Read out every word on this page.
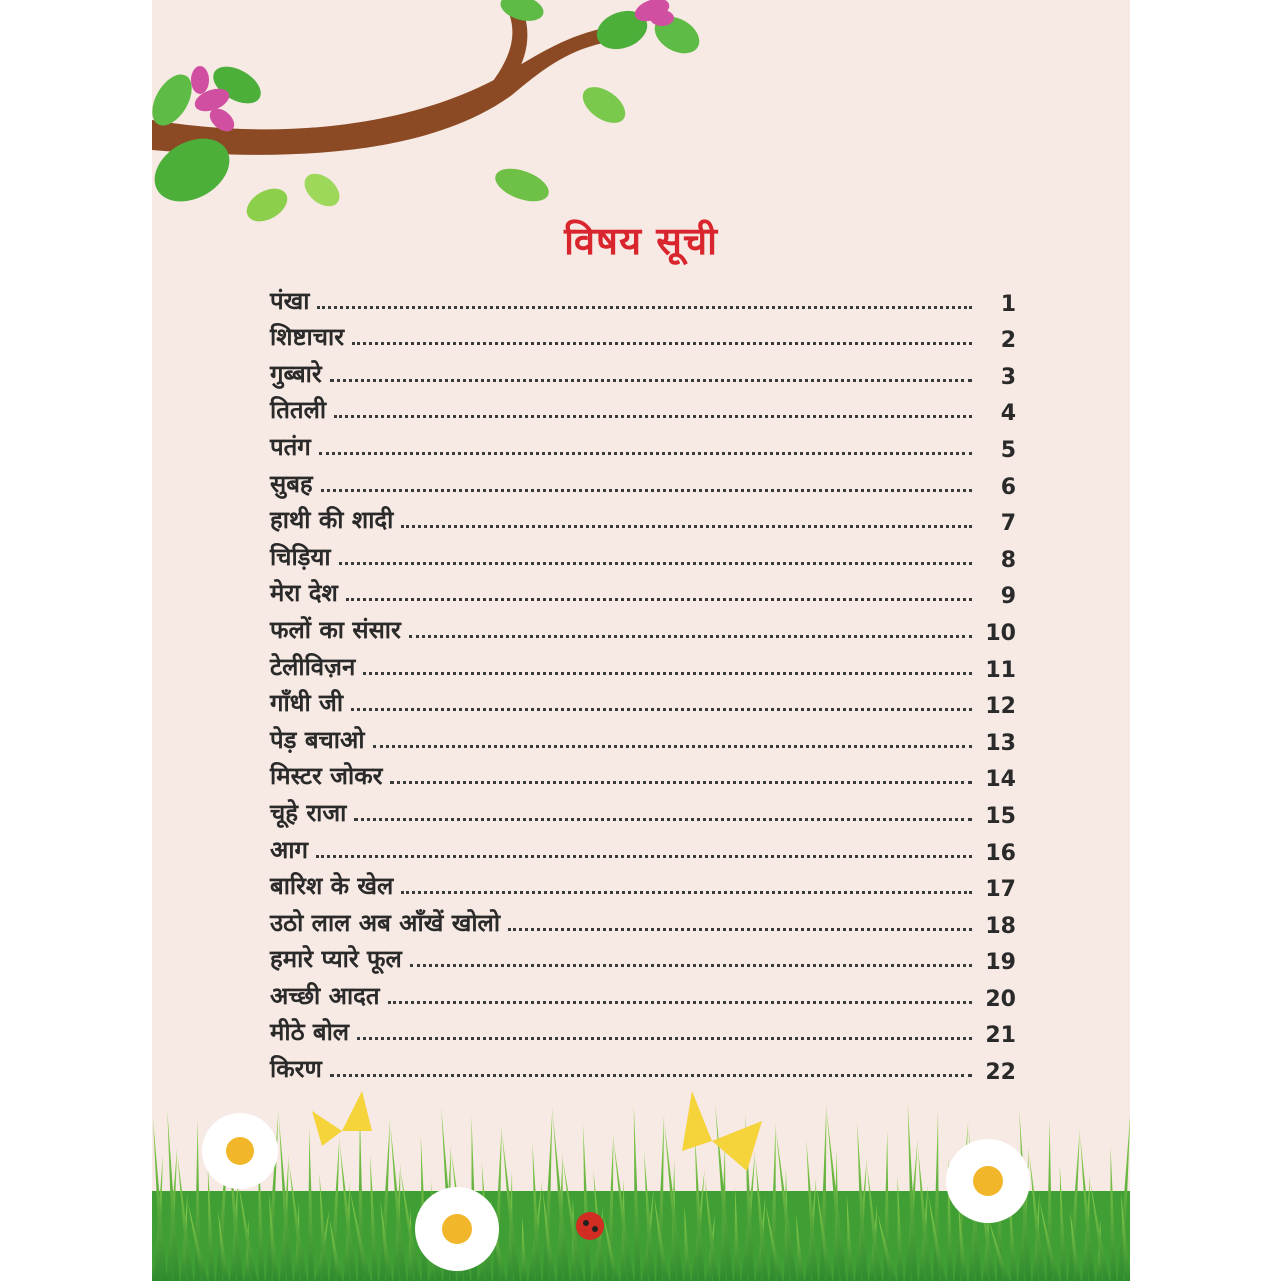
विषय सूची
पंखा	1
शिष्टाचार	2
गुब्बारे	3
तितली	4
पतंग	5
सुबह	6
हाथी की शादी	7
चिड़िया	8
मेरा देश	9
फलों का संसार	10
टेलीविज़न	11
गाँधी जी	12
पेड़ बचाओ	13
मिस्टर जोकर	14
चूहे राजा	15
आग	16
बारिश के खेल	17
उठो लाल अब आँखें खोलो	18
हमारे प्यारे फूल	19
अच्छी आदत	20
मीठे बोल	21
किरण	22
